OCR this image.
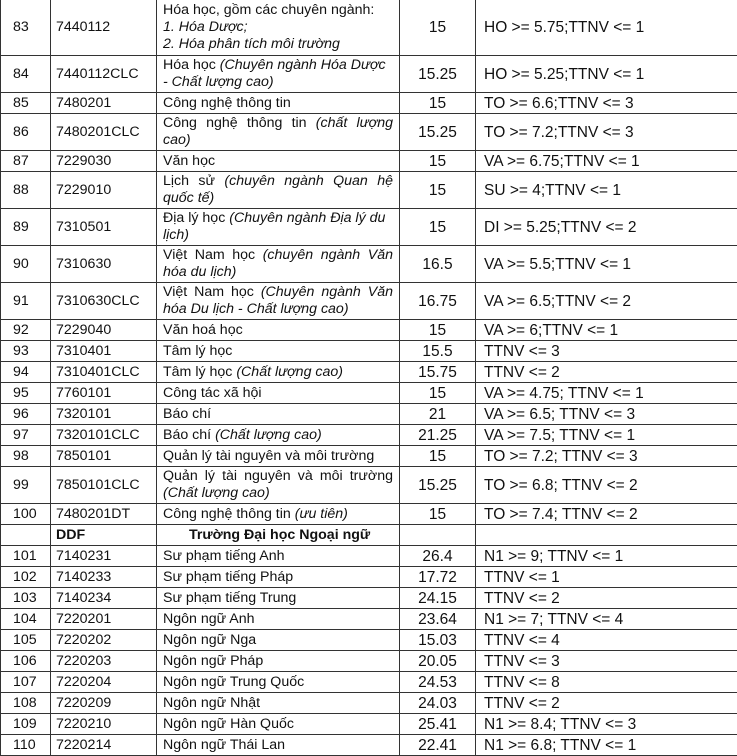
83	7440112	Hóa học, gồm các chuyên ngành:
1. Hóa Dược;
2. Hóa phân tích môi trường	15	HO >= 5.75;TTNV <= 1
84	7440112CLC	Hóa học (Chuyên ngành Hóa Dược - Chất lượng cao)	15.25	HO >= 5.25;TTNV <= 1
85	7480201	Công nghệ thông tin	15	TO >= 6.6;TTNV <= 3
86	7480201CLC	Công nghệ thông tin (chất lượng cao)	15.25	TO >= 7.2;TTNV <= 3
87	7229030	Văn học	15	VA >= 6.75;TTNV <= 1
88	7229010	Lịch sử (chuyên ngành Quan hệ quốc tế)	15	SU >= 4;TTNV <= 1
89	7310501	Địa lý học (Chuyên ngành Địa lý du lịch)	15	DI >= 5.25;TTNV <= 2
90	7310630	Việt Nam học (chuyên ngành Văn hóa du lịch)	16.5	VA >= 5.5;TTNV <= 1
91	7310630CLC	Việt Nam học (Chuyên ngành Văn hóa Du lịch - Chất lượng cao)	16.75	VA >= 6.5;TTNV <= 2
92	7229040	Văn hoá học	15	VA >= 6;TTNV <= 1
93	7310401	Tâm lý học	15.5	TTNV <= 3
94	7310401CLC	Tâm lý học (Chất lượng cao)	15.75	TTNV <= 2
95	7760101	Công tác xã hội	15	VA >= 4.75; TTNV <= 1
96	7320101	Báo chí	21	VA >= 6.5; TTNV <= 3
97	7320101CLC	Báo chí (Chất lượng cao)	21.25	VA >= 7.5; TTNV <= 1
98	7850101	Quản lý tài nguyên và môi trường	15	TO >= 7.2; TTNV <= 3
99	7850101CLC	Quản lý tài nguyên và môi trường (Chất lượng cao)	15.25	TO >= 6.8; TTNV <= 2
100	7480201DT	Công nghệ thông tin (ưu tiên)	15	TO >= 7.4; TTNV <= 2
	DDF	Trường Đại học Ngoại ngữ		
101	7140231	Sư phạm tiếng Anh	26.4	N1 >= 9; TTNV <= 1
102	7140233	Sư phạm tiếng Pháp	17.72	TTNV <= 1
103	7140234	Sư phạm tiếng Trung	24.15	TTNV <= 2
104	7220201	Ngôn ngữ Anh	23.64	N1 >= 7; TTNV <= 4
105	7220202	Ngôn ngữ Nga	15.03	TTNV <= 4
106	7220203	Ngôn ngữ Pháp	20.05	TTNV <= 3
107	7220204	Ngôn ngữ Trung Quốc	24.53	TTNV <= 8
108	7220209	Ngôn ngữ Nhật	24.03	TTNV <= 2
109	7220210	Ngôn ngữ Hàn Quốc	25.41	N1 >= 8.4; TTNV <= 3
110	7220214	Ngôn ngữ Thái Lan	22.41	N1 >= 6.8; TTNV <= 1
